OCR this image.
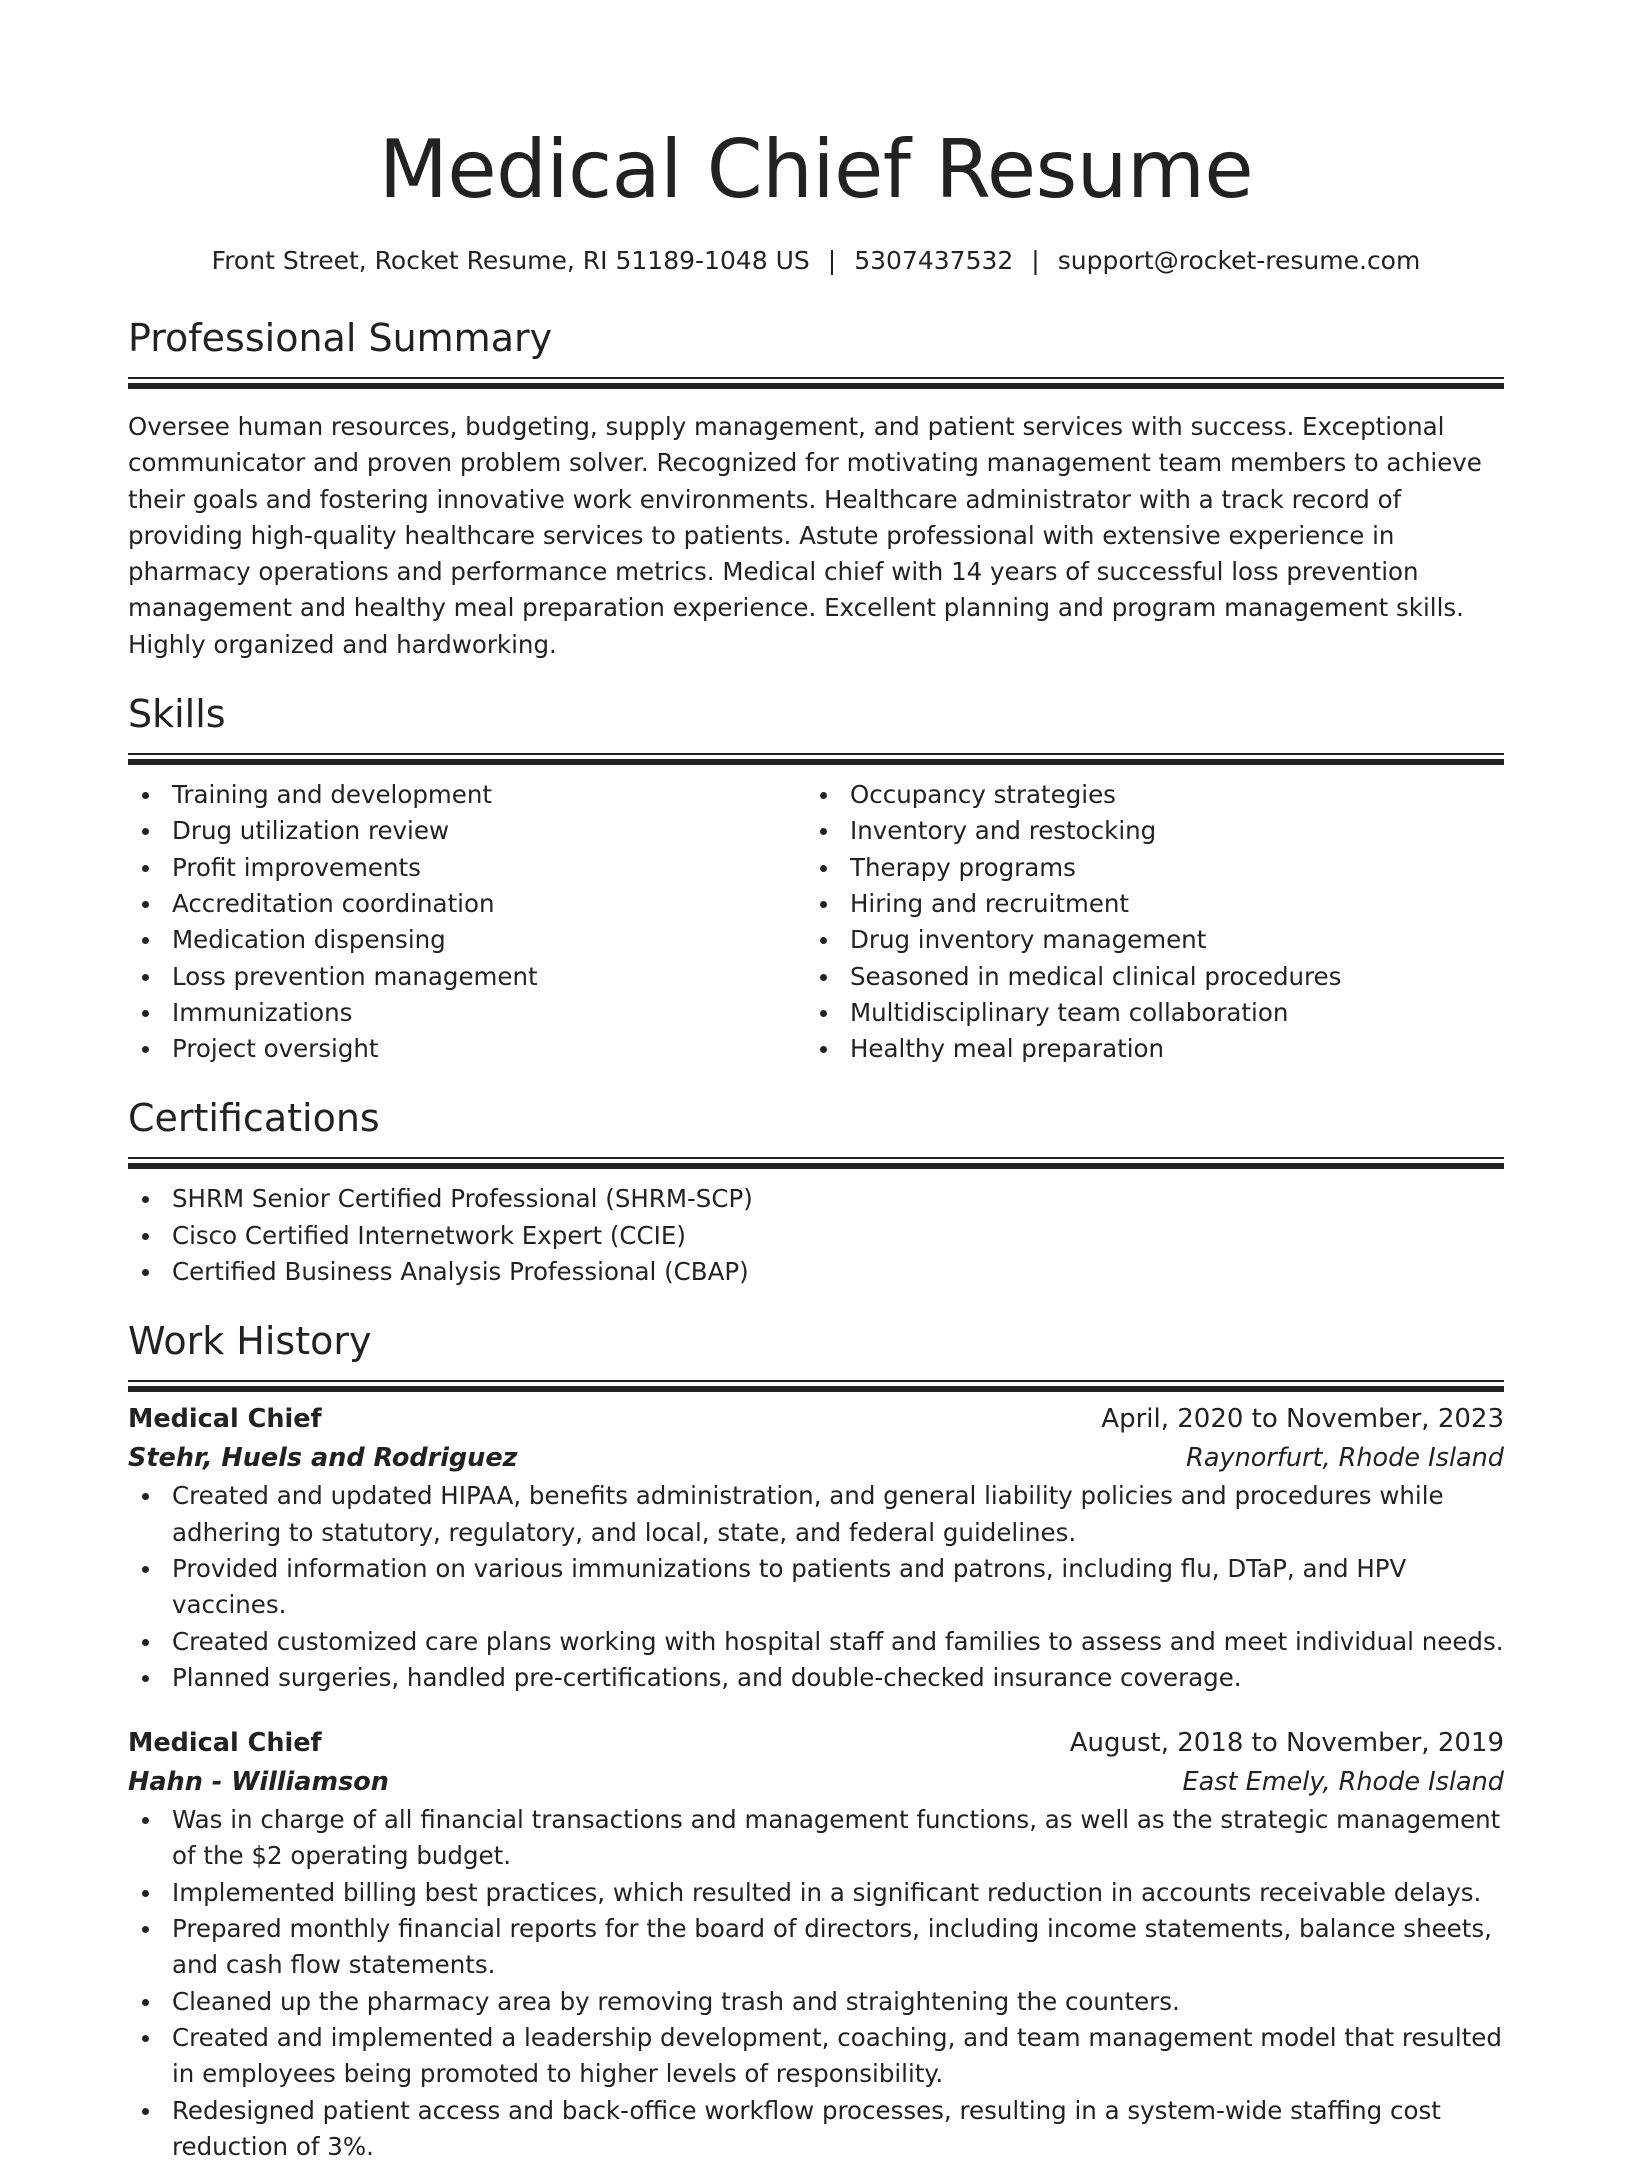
Medical Chief Resume
Front Street, Rocket Resume, RI 51189-1048 US | 5307437532 | support@rocket-resume.com
Professional Summary

Oversee human resources, budgeting, supply management, and patient services with success. Exceptional communicator and proven problem solver. Recognized for motivating management team members to achieve their goals and fostering innovative work environments. Healthcare administrator with a track record of providing high-quality healthcare services to patients. Astute professional with extensive experience in pharmacy operations and performance metrics. Medical chief with 14 years of successful loss prevention management and healthy meal preparation experience. Excellent planning and program management skills. Highly organized and hardworking.

Skills
Training and development
Drug utilization review
Profit improvements
Accreditation coordination
Medication dispensing
Loss prevention management
Immunizations
Project oversight
Occupancy strategies
Inventory and restocking
Therapy programs
Hiring and recruitment
Drug inventory management
Seasoned in medical clinical procedures
Multidisciplinary team collaboration
Healthy meal preparation
Certifications
SHRM Senior Certified Professional (SHRM-SCP)
Cisco Certified Internetwork Expert (CCIE)
Certified Business Analysis Professional (CBAP)
Work History
Medical Chief	April, 2020 to November, 2023
Stehr, Huels and Rodriguez	Raynorfurt, Rhode Island
Created and updated HIPAA, benefits administration, and general liability policies and procedures while adhering to statutory, regulatory, and local, state, and federal guidelines.
Provided information on various immunizations to patients and patrons, including flu, DTaP, and HPV vaccines.
Created customized care plans working with hospital staff and families to assess and meet individual needs.
Planned surgeries, handled pre-certifications, and double-checked insurance coverage.
Medical Chief	August, 2018 to November, 2019
Hahn - Williamson	East Emely, Rhode Island
Was in charge of all financial transactions and management functions, as well as the strategic management of the $2 operating budget.
Implemented billing best practices, which resulted in a significant reduction in accounts receivable delays.
Prepared monthly financial reports for the board of directors, including income statements, balance sheets, and cash flow statements.
Cleaned up the pharmacy area by removing trash and straightening the counters.
Created and implemented a leadership development, coaching, and team management model that resulted in employees being promoted to higher levels of responsibility.
Redesigned patient access and back-office workflow processes, resulting in a system-wide staffing cost reduction of 3%.
